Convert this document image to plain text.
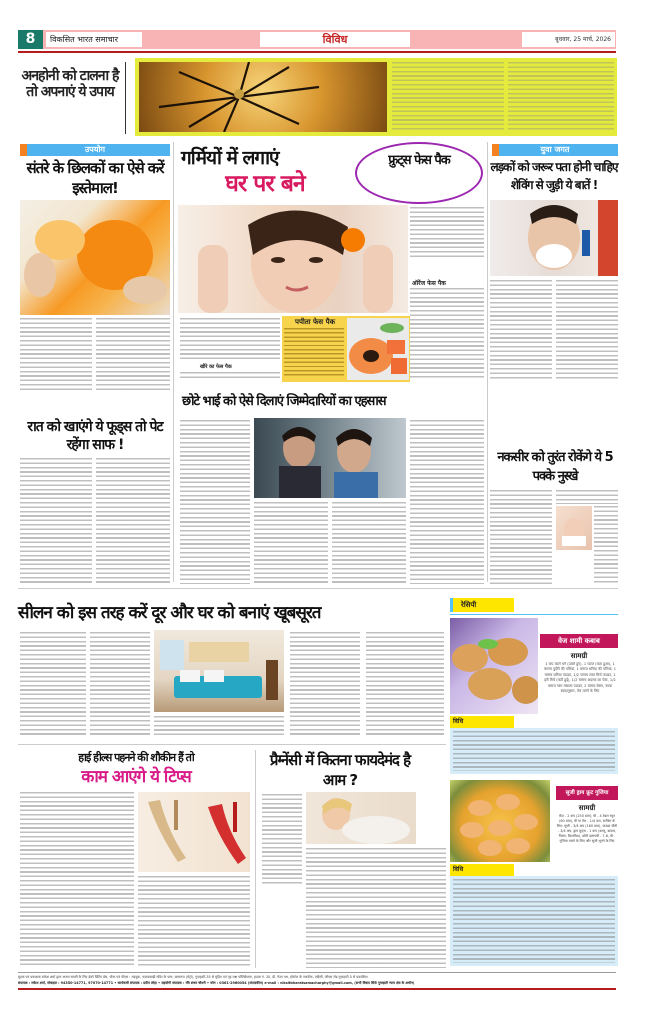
8	विकसित भारत समाचार	विविध	बुधवार, 25 मार्च, 2026
अनहोनी को टालना है तो अपनाएं ये उपाय
उपयोग
संतरे के छिलकों का ऐसे करें इस्तेमाल!
गर्मियों में लगाएं
घर पर बने
फ्रुट्स फेस पैक
ऑरेंज फेस पैक
खीरे का फेस पैक
पपीता फेस पैक
युवा जगत
लड़कों को जरूर पता होनी चाहिए शेविंग से जुड़ी ये बातें !
रात को खाएंगे ये फूड्स तो पेट रहेंगा साफ !
छोटे भाई को ऐसे दिलाएं जिम्मेदारियों का एहसास
नकसीर को तुरंत रोकेंगे ये 5 पक्के नुस्खे
सीलन को इस तरह करें दूर और घर को बनाएं खूबसूरत
हाई हील्स पहनने की शौकीन हैं तो
काम आएंगे ये टिप्स
प्रैग्नेंसी में कितना फायदेमंद है आम ?
रेसिपी
वेज शामी कबाब
सामग्री
1 कप काले चने (उबले हुए), 1 प्याज (कटा हुआ), 1 चम्मच पुदीने की पत्तियां, 1 चम्मच धनिया की पत्तियां, 1 चम्मच धनिया पाउडर, 1/2 चम्मच लाल मिर्च पाउडर, 1 हरी मिर्च (कटी हुई), 1/2 चम्मच अदरक का पेस्ट, 1/2 चम्मच गरम मसाला पाउडर, 2 चम्मच बेसन, नमक स्वादानुसार, तेल तलने के लिए
विधि
सूजी ड्राय फ्रूट गुजिया
सामग्री
मैदा - 2 कप (250 ग्राम), घी - 4 टेबल स्पून (60 ग्राम), घी या तेल - 1/4 कप, स्टफिंग के लिए: सूजी - 3/4 कप (160 ग्राम), पाउडर चीनी - 3/4 कप, ड्राय फ्रूट्स - 1 कप (काजू, बादाम, पिस्ता, किशमिश), छोटी इलायची - 7-8, घी - गुजिया तलने के लिए और सूजी भूनने के लिए
विधि
मुद्रक एवं प्रकाशक राकेश शर्मा द्वारा अजय स्वामी के लिए ईको प्रिंटिंग प्रेस, पोस्ट एवं पीएस : गड़चुक, फाटकबाड़ी मंदिर के पास, कामरूप (मेट्रो), गुवाहाटी-35 से मुद्रित एवं गृह लक्ष पब्लिकेशंस, हाउस नं. 30, डी. नेउग पथ, होस्टेल के नजदीक, एबीसी, जीएस रोड गुवाहाटी-5 से प्रकाशित।
संपादक : राकेश शर्मा, मोबाइल : 94350-14771, 97070-14771 • कार्यकारी संपादक : प्रदीप लोहा • सहयोगी संपादक : रवि शंकर चौधरी • फोन : 0361-2960054 (संपादकीय) e-mail : viksitbharatsamacharghy@gmail.com, (सभी विवाद सिर्फ गुवाहाटी न्याय क्षेत्र के अधीन)
